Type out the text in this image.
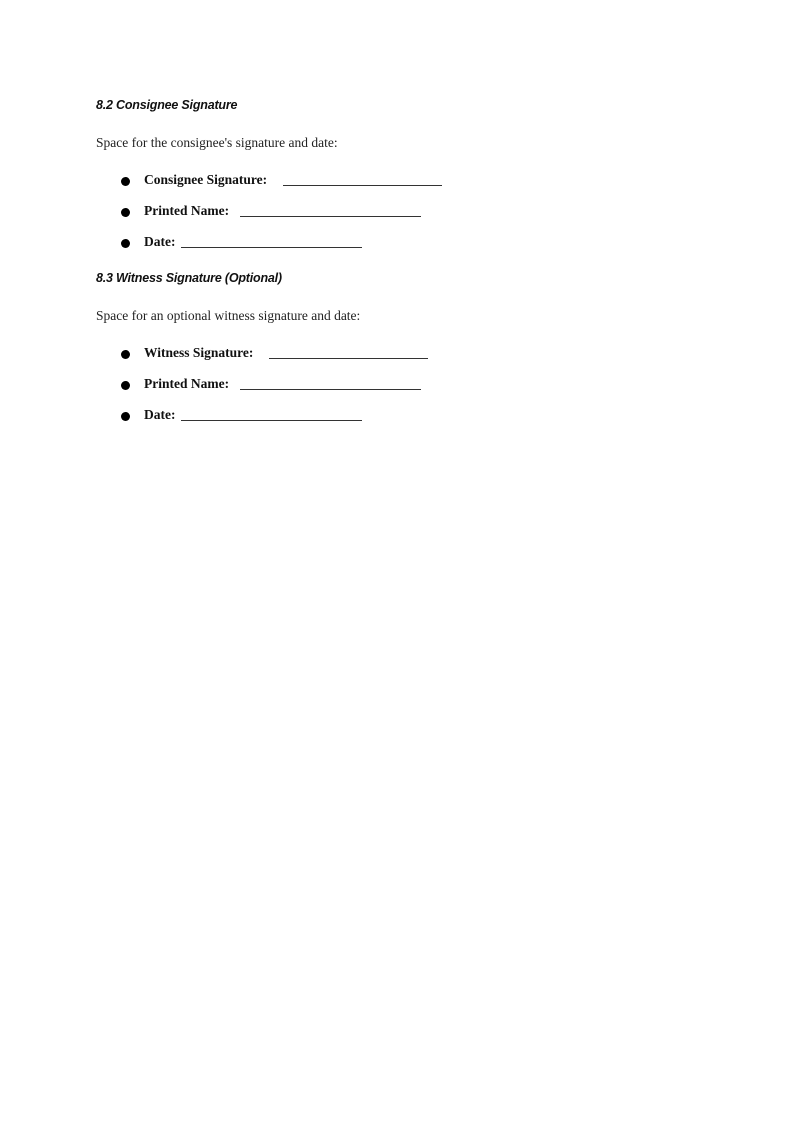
8.2 Consignee Signature

Space for the consignee's signature and date:

Consignee Signature:
Printed Name:
Date:
8.3 Witness Signature (Optional)

Space for an optional witness signature and date:

Witness Signature:
Printed Name:
Date:
